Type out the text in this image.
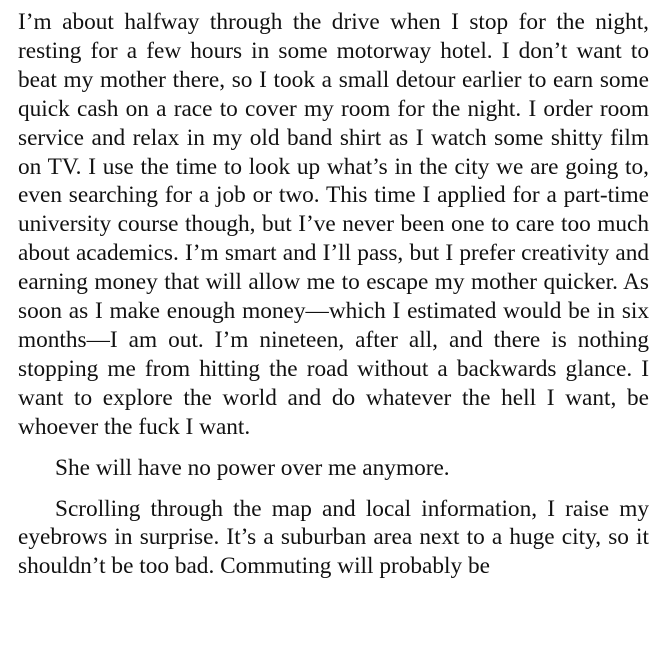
I’m about halfway through the drive when I stop for the night, resting for a few hours in some motorway hotel. I don’t want to beat my mother there, so I took a small detour earlier to earn some quick cash on a race to cover my room for the night. I order room service and relax in my old band shirt as I watch some shitty film on TV. I use the time to look up what’s in the city we are going to, even searching for a job or two. This time I applied for a part-time university course though, but I’ve never been one to care too much about academics. I’m smart and I’ll pass, but I prefer creativity and earning money that will allow me to escape my mother quicker. As soon as I make enough money—which I estimated would be in six months—I am out. I’m nineteen, after all, and there is nothing stopping me from hitting the road without a backwards glance. I want to explore the world and do whatever the hell I want, be whoever the fuck I want.

She will have no power over me anymore.

Scrolling through the map and local information, I raise my eyebrows in surprise. It’s a suburban area next to a huge city, so it shouldn’t be too bad. Commuting will probably be
